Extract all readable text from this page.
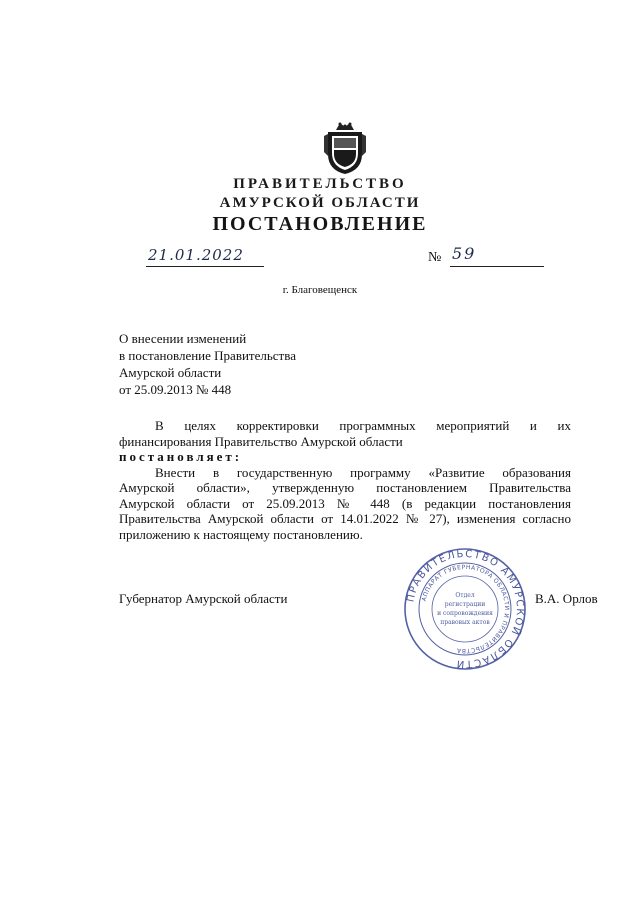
ПРАВИТЕЛЬСТВО
АМУРСКОЙ ОБЛАСТИ
ПОСТАНОВЛЕНИЕ
21.01.2022	№ 59
г. Благовещенск
О внесении изменений
в постановление Правительства
Амурской области
от 25.09.2013 № 448
В целях корректировки программных мероприятий и их
финансирования Правительство Амурской области
постановляет:
Внести в государственную программу «Развитие образования
Амурской области», утвержденную постановлением Правительства
Амурской области от 25.09.2013 № 448 (в редакции постановления
Правительства Амурской области от 14.01.2022 № 27), изменения согласно
приложению к настоящему постановлению.
Губернатор Амурской области	В.А. Орлов
ПРАВИТЕЛЬСТВО АМУРСКОЙ ОБЛАСТИ
АППАРАТ ГУБЕРНАТОРА ОБЛАСТИ И ПРАВИТЕЛЬСТВА
Отдел
регистрации
и сопровождения
правовых актов
